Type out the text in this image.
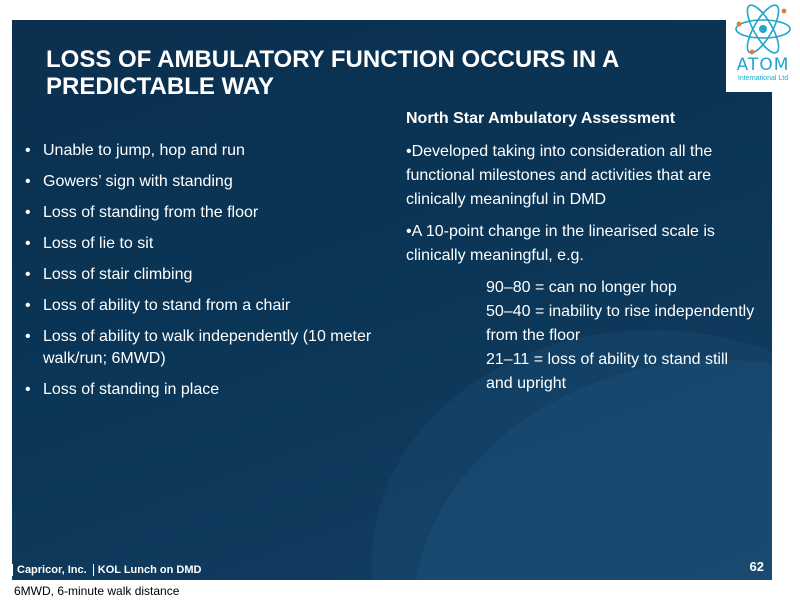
LOSS OF AMBULATORY FUNCTION OCCURS IN A PREDICTABLE WAY
• Unable to jump, hop and run
• Gowers’ sign with standing
• Loss of standing from the floor
• Loss of lie to sit
• Loss of stair climbing
• Loss of ability to stand from a chair
• Loss of ability to walk independently (10 meter walk/run; 6MWD)
• Loss of standing in place
North Star Ambulatory Assessment

•Developed taking into consideration all the functional milestones and activities that are clinically meaningful in DMD

•A 10-point change in the linearised scale is clinically meaningful, e.g.

90–80 = can no longer hop
50–40 = inability to rise independently from the floor
21–11 = loss of ability to stand still and upright
Capricor, Inc. KOL Lunch on DMD	62
ATOM
International Ltd
6MWD, 6-minute walk distance
